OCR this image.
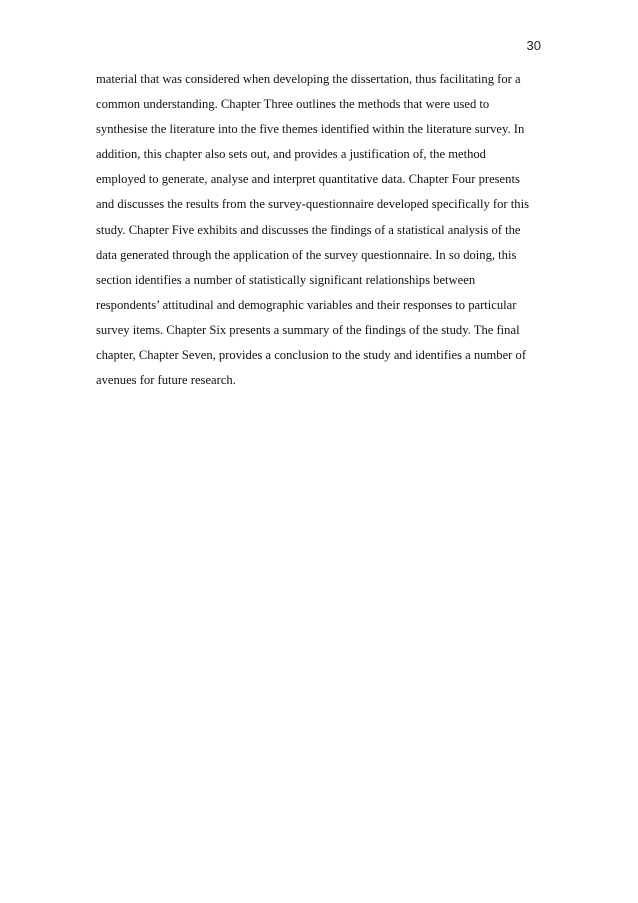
30
material that was considered when developing the dissertation, thus facilitating for a
common understanding. Chapter Three outlines the methods that were used to
synthesise the literature into the five themes identified within the literature survey. In
addition, this chapter also sets out, and provides a justification of, the method
employed to generate, analyse and interpret quantitative data. Chapter Four presents
and discusses the results from the survey-questionnaire developed specifically for this
study. Chapter Five exhibits and discusses the findings of a statistical analysis of the
data generated through the application of the survey questionnaire. In so doing, this
section identifies a number of statistically significant relationships between
respondents’ attitudinal and demographic variables and their responses to particular
survey items. Chapter Six presents a summary of the findings of the study. The final
chapter, Chapter Seven, provides a conclusion to the study and identifies a number of
avenues for future research.
